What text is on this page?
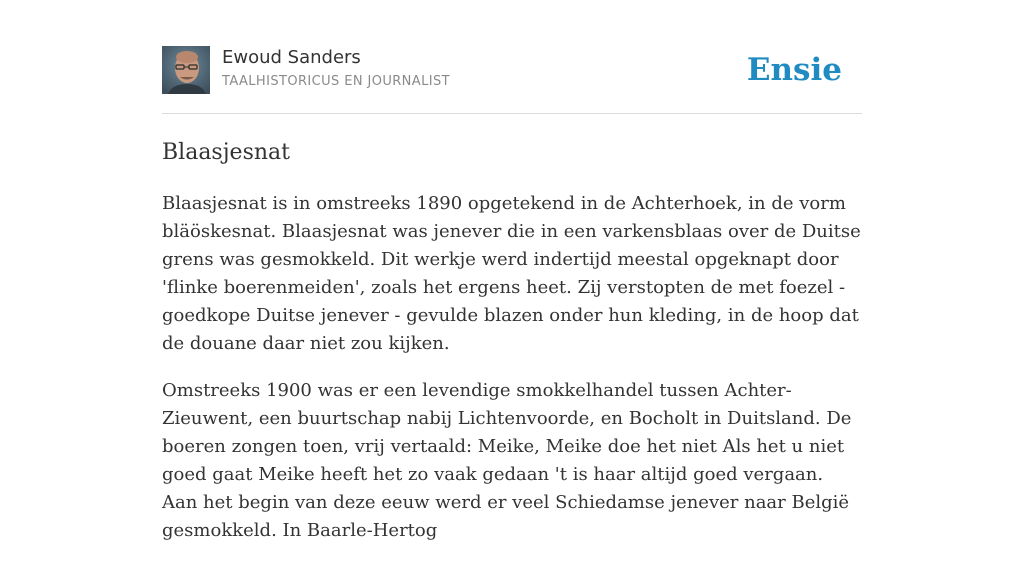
Ewoud Sanders
TAALHISTORICUS EN JOURNALIST	Ensie
Blaasjesnat

Blaasjesnat is in omstreeks 1890 opgetekend in de Achterhoek, in de vorm bläöskesnat. Blaasjesnat was jenever die in een varkensblaas over de Duitse grens was gesmokkeld. Dit werkje werd indertijd meestal opgeknapt door 'flinke boerenmeiden', zoals het ergens heet. Zij verstopten de met foezel - goedkope Duitse jenever - gevulde blazen onder hun kleding, in de hoop dat de douane daar niet zou kijken.

Omstreeks 1900 was er een levendige smokkelhandel tussen Achter-Zieuwent, een buurtschap nabij Lichtenvoorde, en Bocholt in Duitsland. De boeren zongen toen, vrij vertaald: Meike, Meike doe het niet Als het u niet goed gaat Meike heeft het zo vaak gedaan 't is haar altijd goed vergaan. Aan het begin van deze eeuw werd er veel Schiedamse jenever naar België gesmokkeld. In Baarle-Hertog
